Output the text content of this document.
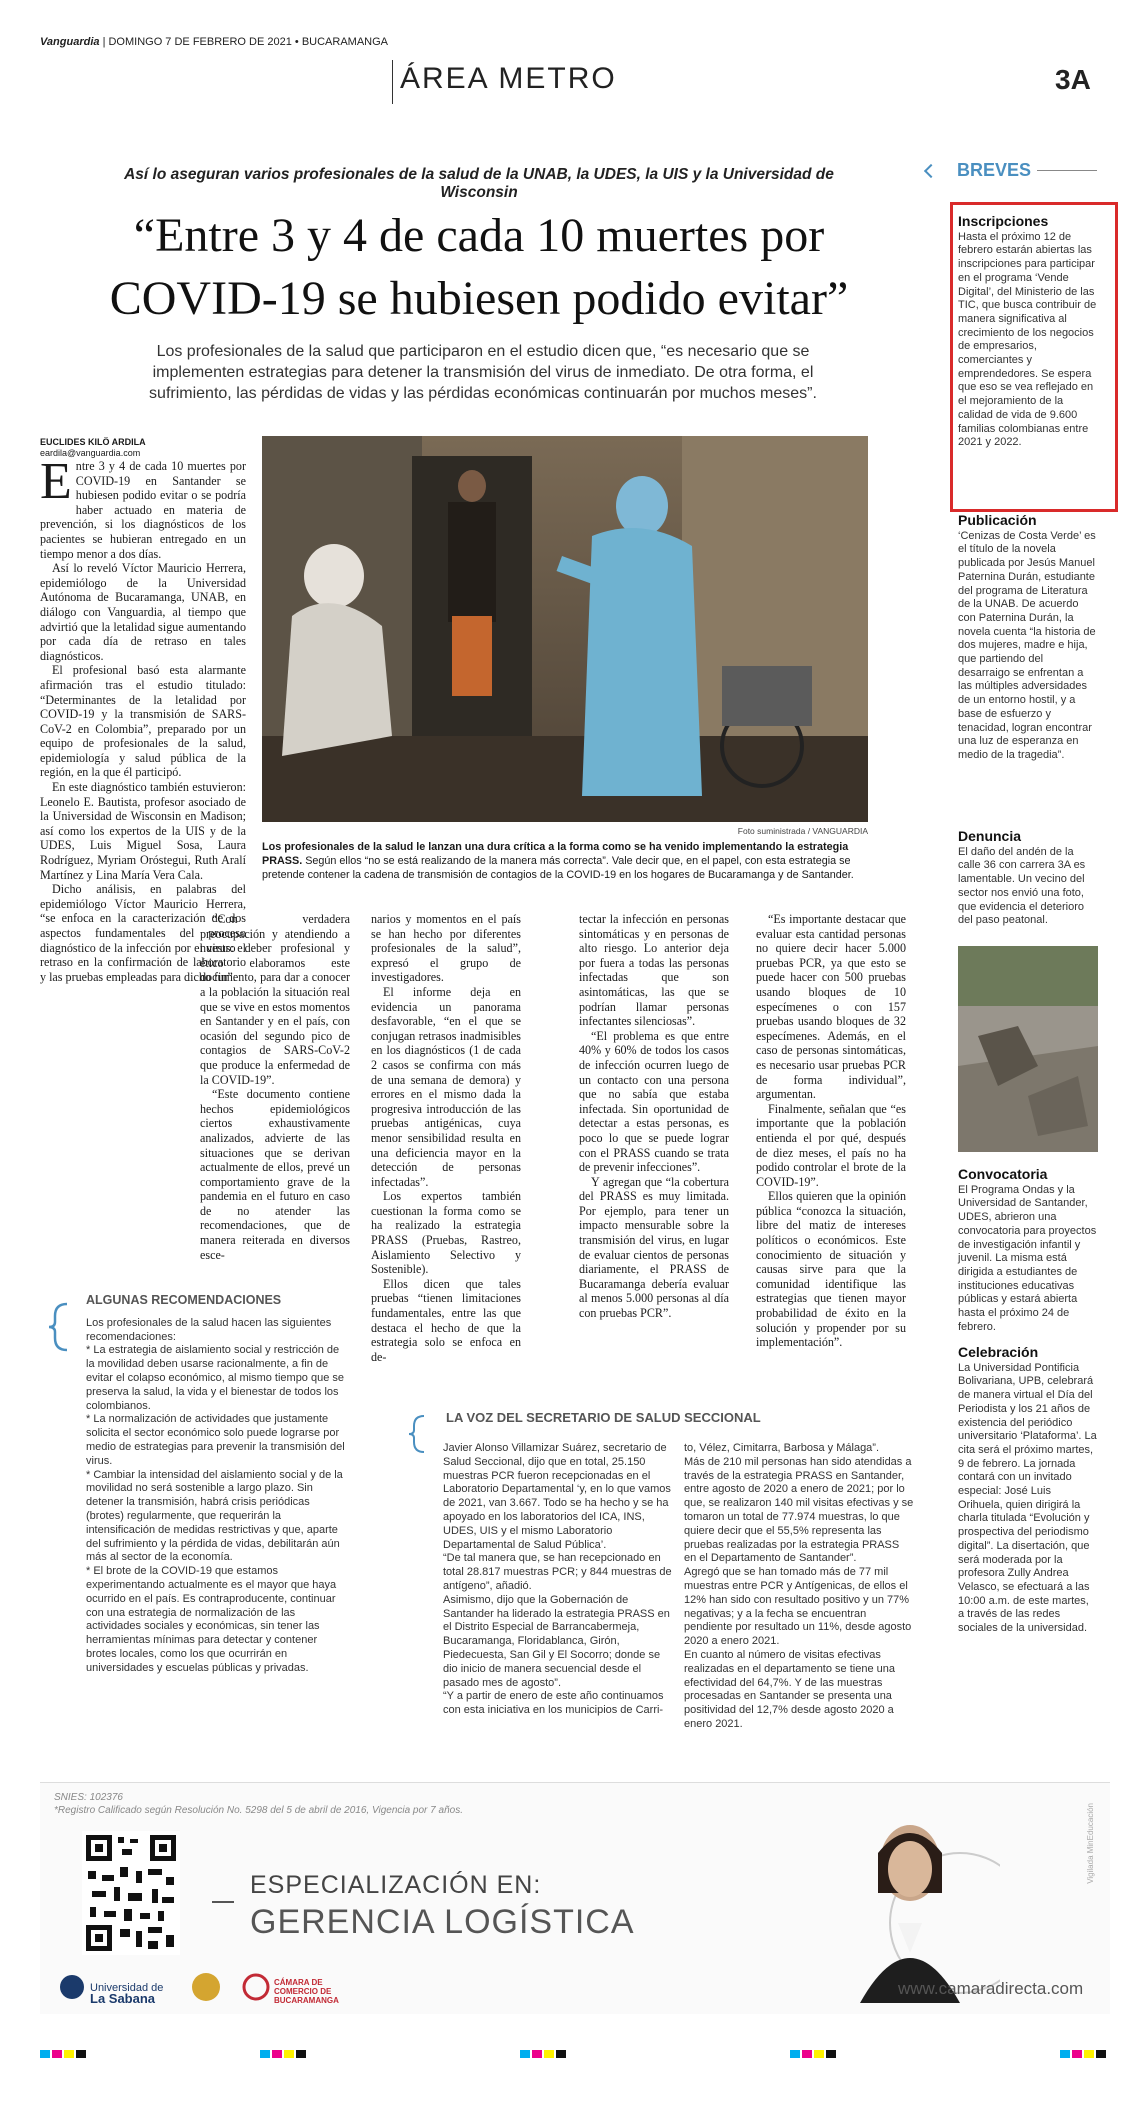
Vanguardia | DOMINGO 7 DE FEBRERO DE 2021 • BUCARAMANGA
ÁREA METRO	3A
Así lo aseguran varios profesionales de la salud de la UNAB, la UDES, la UIS y la Universidad de Wisconsin
“Entre 3 y 4 de cada 10 muertes por COVID-19 se hubiesen podido evitar”
Los profesionales de la salud que participaron en el estudio dicen que, “es necesario que se implementen estrategias para detener la transmisión del virus de inmediato. De otra forma, el sufrimiento, las pérdidas de vidas y las pérdidas económicas continuarán por muchos meses”.
EUCLIDES KILÖ ARDILA
eardila@vanguardia.com

Entre 3 y 4 de cada 10 muertes por COVID-19 en Santander se hubiesen podido evitar o se podría haber actuado en materia de prevención, si los diagnósticos de los pacientes se hubieran entregado en un tiempo menor a dos días.

Así lo reveló Víctor Mauricio Herrera, epidemiólogo de la Universidad Autónoma de Bucaramanga, UNAB, en diálogo con Vanguardia, al tiempo que advirtió que la letalidad sigue aumentando por cada día de retraso en tales diagnósticos.

El profesional basó esta alarmante afirmación tras el estudio titulado: “Determinantes de la letalidad por COVID-19 y la transmisión de SARS-CoV-2 en Colombia”, preparado por un equipo de profesionales de la salud, epidemiología y salud pública de la región, en la que él participó.

En este diagnóstico también estuvieron: Leonelo E. Bautista, profesor asociado de la Universidad de Wisconsin en Madison; así como los expertos de la UIS y de la UDES, Luis Miguel Sosa, Laura Rodríguez, Myriam Oróstegui, Ruth Aralí Martínez y Lina María Vera Cala.

Dicho análisis, en palabras del epidemiólogo Víctor Mauricio Herrera, “se enfoca en la caracterización de dos aspectos fundamentales del proceso diagnóstico de la infección por el virus: el retraso en la confirmación de laboratorio y las pruebas empleadas para dicho fin”.

Foto suministrada / VANGUARDIA
Los profesionales de la salud le lanzan una dura crítica a la forma como se ha venido implementando la estrategia PRASS. Según ellos “no se está realizando de la manera más correcta”. Vale decir que, en el papel, con esta estrategia se pretende contener la cadena de transmisión de contagios de la COVID-19 en los hogares de Bucaramanga y de Santander.

“Con verdadera preocupación y atendiendo a nuestro deber profesional y ético elaboramos este documento, para dar a conocer a la población la situación real que se vive en estos momentos en Santander y en el país, con ocasión del segundo pico de contagios de SARS-CoV-2 que produce la enfermedad de la COVID-19”.

“Este documento contiene hechos epidemiológicos ciertos exhaustivamente analizados, advierte de las situaciones que se derivan actualmente de ellos, prevé un comportamiento grave de la pandemia en el futuro en caso de no atender las recomendaciones, que de manera reiterada en diversos esce-

narios y momentos en el país se han hecho por diferentes profesionales de la salud”, expresó el grupo de investigadores.

El informe deja en evidencia un panorama desfavorable, “en el que se conjugan retrasos inadmisibles en los diagnósticos (1 de cada 2 casos se confirma con más de una semana de demora) y errores en el mismo dada la progresiva introducción de las pruebas antigénicas, cuya menor sensibilidad resulta en una deficiencia mayor en la detección de personas infectadas”.

Los expertos también cuestionan la forma como se ha realizado la estrategia PRASS (Pruebas, Rastreo, Aislamiento Selectivo y Sostenible).

Ellos dicen que tales pruebas “tienen limitaciones fundamentales, entre las que destaca el hecho de que la estrategia solo se enfoca en de-

tectar la infección en personas sintomáticas y en personas de alto riesgo. Lo anterior deja por fuera a todas las personas infectadas que son asintomáticas, las que se podrían llamar personas infectantes silenciosas”.

“El problema es que entre 40% y 60% de todos los casos de infección ocurren luego de un contacto con una persona que no sabía que estaba infectada. Sin oportunidad de detectar a estas personas, es poco lo que se puede lograr con el PRASS cuando se trata de prevenir infecciones”.

Y agregan que “la cobertura del PRASS es muy limitada. Por ejemplo, para tener un impacto mensurable sobre la transmisión del virus, en lugar de evaluar cientos de personas diariamente, el PRASS de Bucaramanga debería evaluar al menos 5.000 personas al día con pruebas PCR”.

“Es importante destacar que evaluar esta cantidad personas no quiere decir hacer 5.000 pruebas PCR, ya que esto se puede hacer con 500 pruebas usando bloques de 10 especímenes o con 157 pruebas usando bloques de 32 especímenes. Además, en el caso de personas sintomáticas, es necesario usar pruebas PCR de forma individual”, argumentan.

Finalmente, señalan que “es importante que la población entienda el por qué, después de diez meses, el país no ha podido controlar el brote de la COVID-19”.

Ellos quieren que la opinión pública “conozca la situación, libre del matiz de intereses políticos o económicos. Este conocimiento de situación y causas sirve para que la comunidad identifique las estrategias que tienen mayor probabilidad de éxito en la solución y propender por su implementación”.

ALGUNAS RECOMENDACIONES

Los profesionales de la salud hacen las siguientes recomendaciones:

* La estrategia de aislamiento social y restricción de la movilidad deben usarse racionalmente, a fin de evitar el colapso económico, al mismo tiempo que se preserva la salud, la vida y el bienestar de todos los colombianos.

* La normalización de actividades que justamente solicita el sector económico solo puede lograrse por medio de estrategias para prevenir la transmisión del virus.

* Cambiar la intensidad del aislamiento social y de la movilidad no será sostenible a largo plazo. Sin detener la transmisión, habrá crisis periódicas (brotes) regularmente, que requerirán la intensificación de medidas restrictivas y que, aparte del sufrimiento y la pérdida de vidas, debilitarán aún más al sector de la economía.

* El brote de la COVID-19 que estamos experimentando actualmente es el mayor que haya ocurrido en el país. Es contraproducente, continuar con una estrategia de normalización de las actividades sociales y económicas, sin tener las herramientas mínimas para detectar y contener brotes locales, como los que ocurrirán en universidades y escuelas públicas y privadas.

LA VOZ DEL SECRETARIO DE SALUD SECCIONAL

Javier Alonso Villamizar Suárez, secretario de Salud Seccional, dijo que en total, 25.150 muestras PCR fueron recepcionadas en el Laboratorio Departamental ‘y, en lo que vamos de 2021, van 3.667. Todo se ha hecho y se ha apoyado en los laboratorios del ICA, INS, UDES, UIS y el mismo Laboratorio Departamental de Salud Pública’.

“De tal manera que, se han recepcionado en total 28.817 muestras PCR; y 844 muestras de antígeno”, añadió.

Asimismo, dijo que la Gobernación de Santander ha liderado la estrategia PRASS en el Distrito Especial de Barrancabermeja, Bucaramanga, Floridablanca, Girón, Piedecuesta, San Gil y El Socorro; donde se dio inicio de manera secuencial desde el pasado mes de agosto”.

“Y a partir de enero de este año continuamos con esta iniciativa en los municipios de Carri-

to, Vélez, Cimitarra, Barbosa y Málaga”.

Más de 210 mil personas han sido atendidas a través de la estrategia PRASS en Santander, entre agosto de 2020 a enero de 2021; por lo que, se realizaron 140 mil visitas efectivas y se tomaron un total de 77.974 muestras, lo que quiere decir que el 55,5% representa las pruebas realizadas por la estrategia PRASS en el Departamento de Santander”.

Agregó que se han tomado más de 77 mil muestras entre PCR y Antígenicas, de ellos el 12% han sido con resultado positivo y un 77% negativas; y a la fecha se encuentran pendiente por resultado un 11%, desde agosto 2020 a enero 2021.

En cuanto al número de visitas efectivas realizadas en el departamento se tiene una efectividad del 64,7%. Y de las muestras procesadas en Santander se presenta una positividad del 12,7% desde agosto 2020 a enero 2021.

BREVES
Inscripciones

Hasta el próximo 12 de febrero estarán abiertas las inscripciones para participar en el programa ‘Vende Digital’, del Ministerio de las TIC, que busca contribuir de manera significativa al crecimiento de los negocios de empresarios, comerciantes y emprendedores. Se espera que eso se vea reflejado en el mejoramiento de la calidad de vida de 9.600 familias colombianas entre 2021 y 2022.

Publicación

‘Cenizas de Costa Verde’ es el título de la novela publicada por Jesús Manuel Paternina Durán, estudiante del programa de Literatura de la UNAB. De acuerdo con Paternina Durán, la novela cuenta “la historia de dos mujeres, madre e hija, que partiendo del desarraigo se enfrentan a las múltiples adversidades de un entorno hostil, y a base de esfuerzo y tenacidad, logran encontrar una luz de esperanza en medio de la tragedia”.

Denuncia

El daño del andén de la calle 36 con carrera 3A es lamentable. Un vecino del sector nos envió una foto, que evidencia el deterioro del paso peatonal.

Convocatoria

El Programa Ondas y la Universidad de Santander, UDES, abrieron una convocatoria para proyectos de investigación infantil y juvenil. La misma está dirigida a estudiantes de instituciones educativas públicas y estará abierta hasta el próximo 24 de febrero.

Celebración

La Universidad Pontificia Bolivariana, UPB, celebrará de manera virtual el Día del Periodista y los 21 años de existencia del periódico universitario ‘Plataforma’. La cita será el próximo martes, 9 de febrero. La jornada contará con un invitado especial: José Luis Orihuela, quien dirigirá la charla titulada “Evolución y prospectiva del periodismo digital”. La disertación, que será moderada por la profesora Zully Andrea Velasco, se efectuará a las 10:00 a.m. de este martes, a través de las redes sociales de la universidad.

SNIES: 102376
*Registro Calificado según Resolución No. 5298 del 5 de abril de 2016, Vigencia por 7 años.
ESPECIALIZACIÓN EN:
GERENCIA LOGÍSTICA
Universidad de
La Sabana
CÁMARA DE
COMERCIO DE
BUCARAMANGA
www.camaradirecta.com
Vigilada MinEducación
